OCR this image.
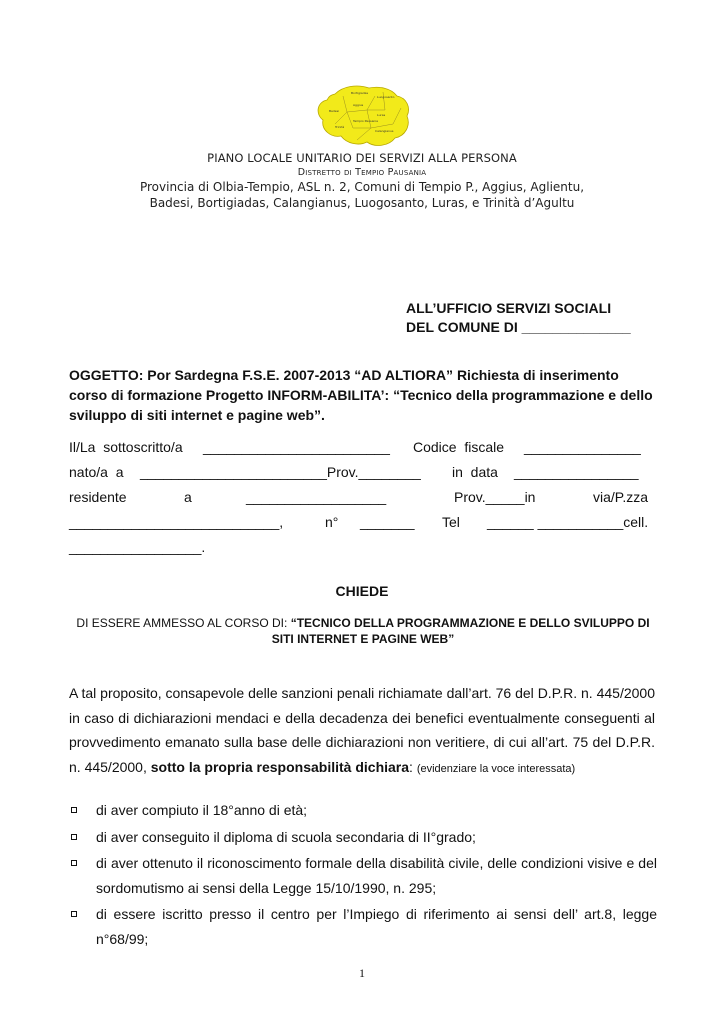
Bortigiadas
Luogosanto
Badesi
Aggius
Luras
Trinità
Tempio Pausania
Calangianus
PIANO LOCALE UNITARIO DEI SERVIZI ALLA PERSONA
Distretto di Tempio Pausania
Provincia di Olbia-Tempio, ASL n. 2, Comuni di Tempio P., Aggius, Aglientu,
Badesi, Bortigiadas, Calangianus, Luogosanto, Luras, e Trinità d’Agultu
ALL’UFFICIO SERVIZI SOCIALI
DEL COMUNE DI ______________
OGGETTO: Por Sardegna F.S.E. 2007-2013 “AD ALTIORA” Richiesta di inserimento corso di formazione Progetto INFORM-ABILITA’: “Tecnico della programmazione e dello sviluppo di siti internet e pagine web”.
Il/La  sottoscritto/a ________________________ Codice  fiscale _______________
nato/a  a ________________________Prov.________ in  data ________________
residente	a	__________________	Prov._____in	via/P.zza
___________________________,	n° _______ Tel ______ ___________cell.
_________________.
CHIEDE
DI ESSERE AMMESSO AL CORSO DI: “TECNICO DELLA PROGRAMMAZIONE E DELLO SVILUPPO DI SITI INTERNET E PAGINE WEB”
A tal proposito, consapevole delle sanzioni penali richiamate dall’art. 76 del D.P.R. n. 445/2000 in caso di dichiarazioni mendaci e della decadenza dei benefici eventualmente conseguenti al provvedimento emanato sulla base delle dichiarazioni non veritiere, di cui all’art. 75 del D.P.R. n. 445/2000, sotto la propria responsabilità dichiara: (evidenziare la voce interessata)
di aver compiuto il 18°anno di età;
di aver conseguito il diploma di scuola secondaria di II°grado;
di aver ottenuto il riconoscimento formale della disabilità civile, delle condizioni visive e del sordomutismo ai sensi della Legge 15/10/1990, n. 295;
di essere iscritto presso il centro per l’Impiego di riferimento ai sensi dell’ art.8, legge n°68/99;
1
